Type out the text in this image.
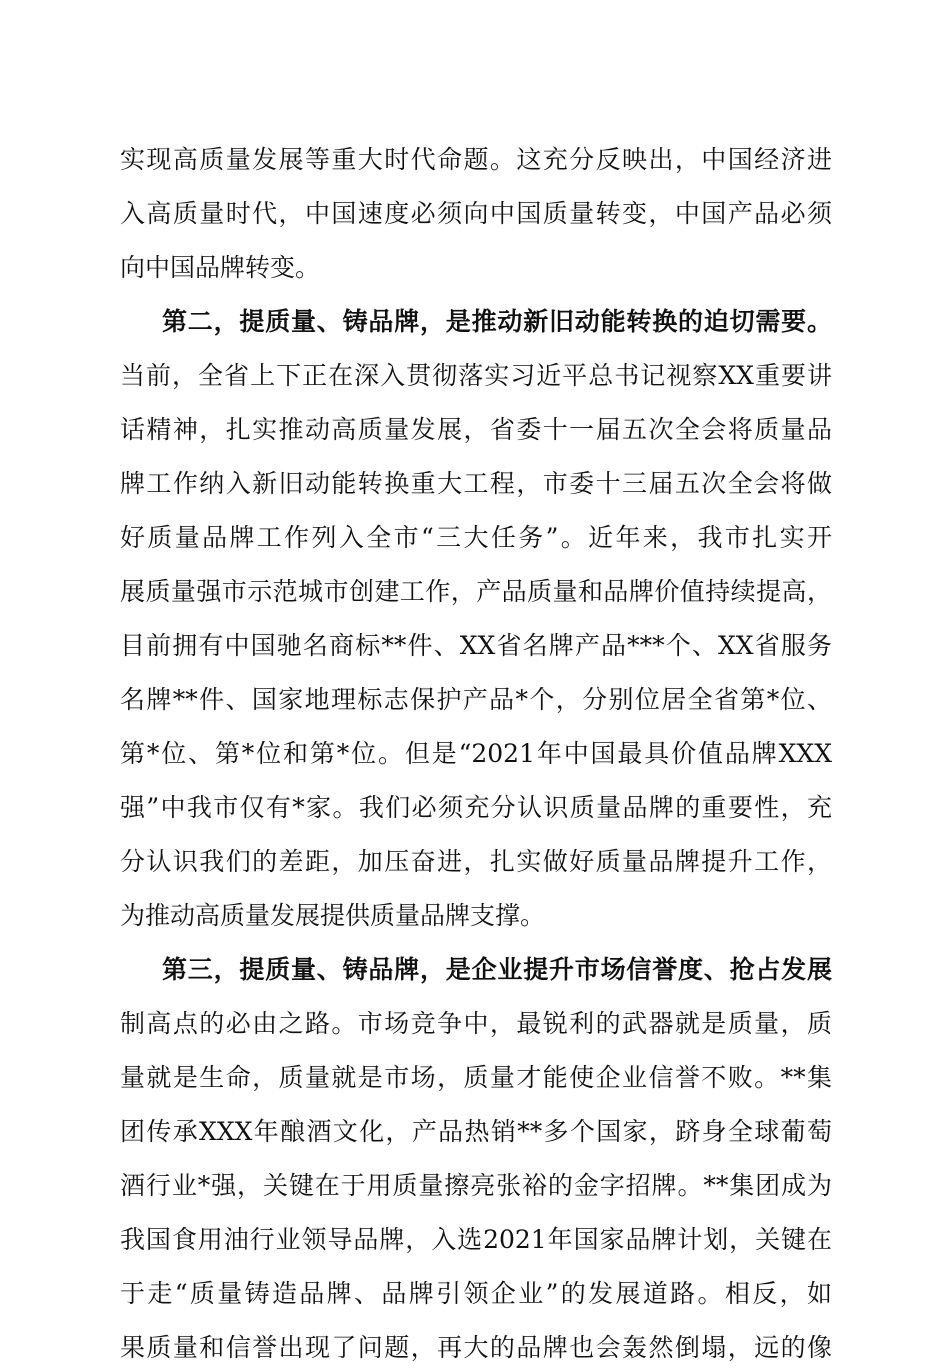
实现高质量发展等重大时代命题。这充分反映出，中国经济进
入高质量时代，中国速度必须向中国质量转变，中国产品必须
向中国品牌转变。
第二，提质量、铸品牌，是推动新旧动能转换的迫切需要。
当前，全省上下正在深入贯彻落实习近平总书记视察XX重要讲
话精神，扎实推动高质量发展，省委十一届五次全会将质量品
牌工作纳入新旧动能转换重大工程，市委十三届五次全会将做
好质量品牌工作列入全市“三大任务”。近年来，我市扎实开
展质量强市示范城市创建工作，产品质量和品牌价值持续提高，
目前拥有中国驰名商标**件、XX省名牌产品***个、XX省服务
名牌**件、国家地理标志保护产品*个，分别位居全省第*位、
第*位、第*位和第*位。但是“2021年中国最具价值品牌XXX
强”中我市仅有*家。我们必须充分认识质量品牌的重要性，充
分认识我们的差距，加压奋进，扎实做好质量品牌提升工作，
为推动高质量发展提供质量品牌支撑。
第三，提质量、铸品牌，是企业提升市场信誉度、抢占发展
制高点的必由之路。市场竞争中，最锐利的武器就是质量，质
量就是生命，质量就是市场，质量才能使企业信誉不败。**集
团传承XXX年酿酒文化，产品热销**多个国家，跻身全球葡萄
酒行业*强，关键在于用质量擦亮张裕的金字招牌。**集团成为
我国食用油行业领导品牌，入选2021年国家品牌计划，关键在
于走“质量铸造品牌、品牌引领企业”的发展道路。相反，如
果质量和信誉出现了问题，再大的品牌也会轰然倒塌，远的像
